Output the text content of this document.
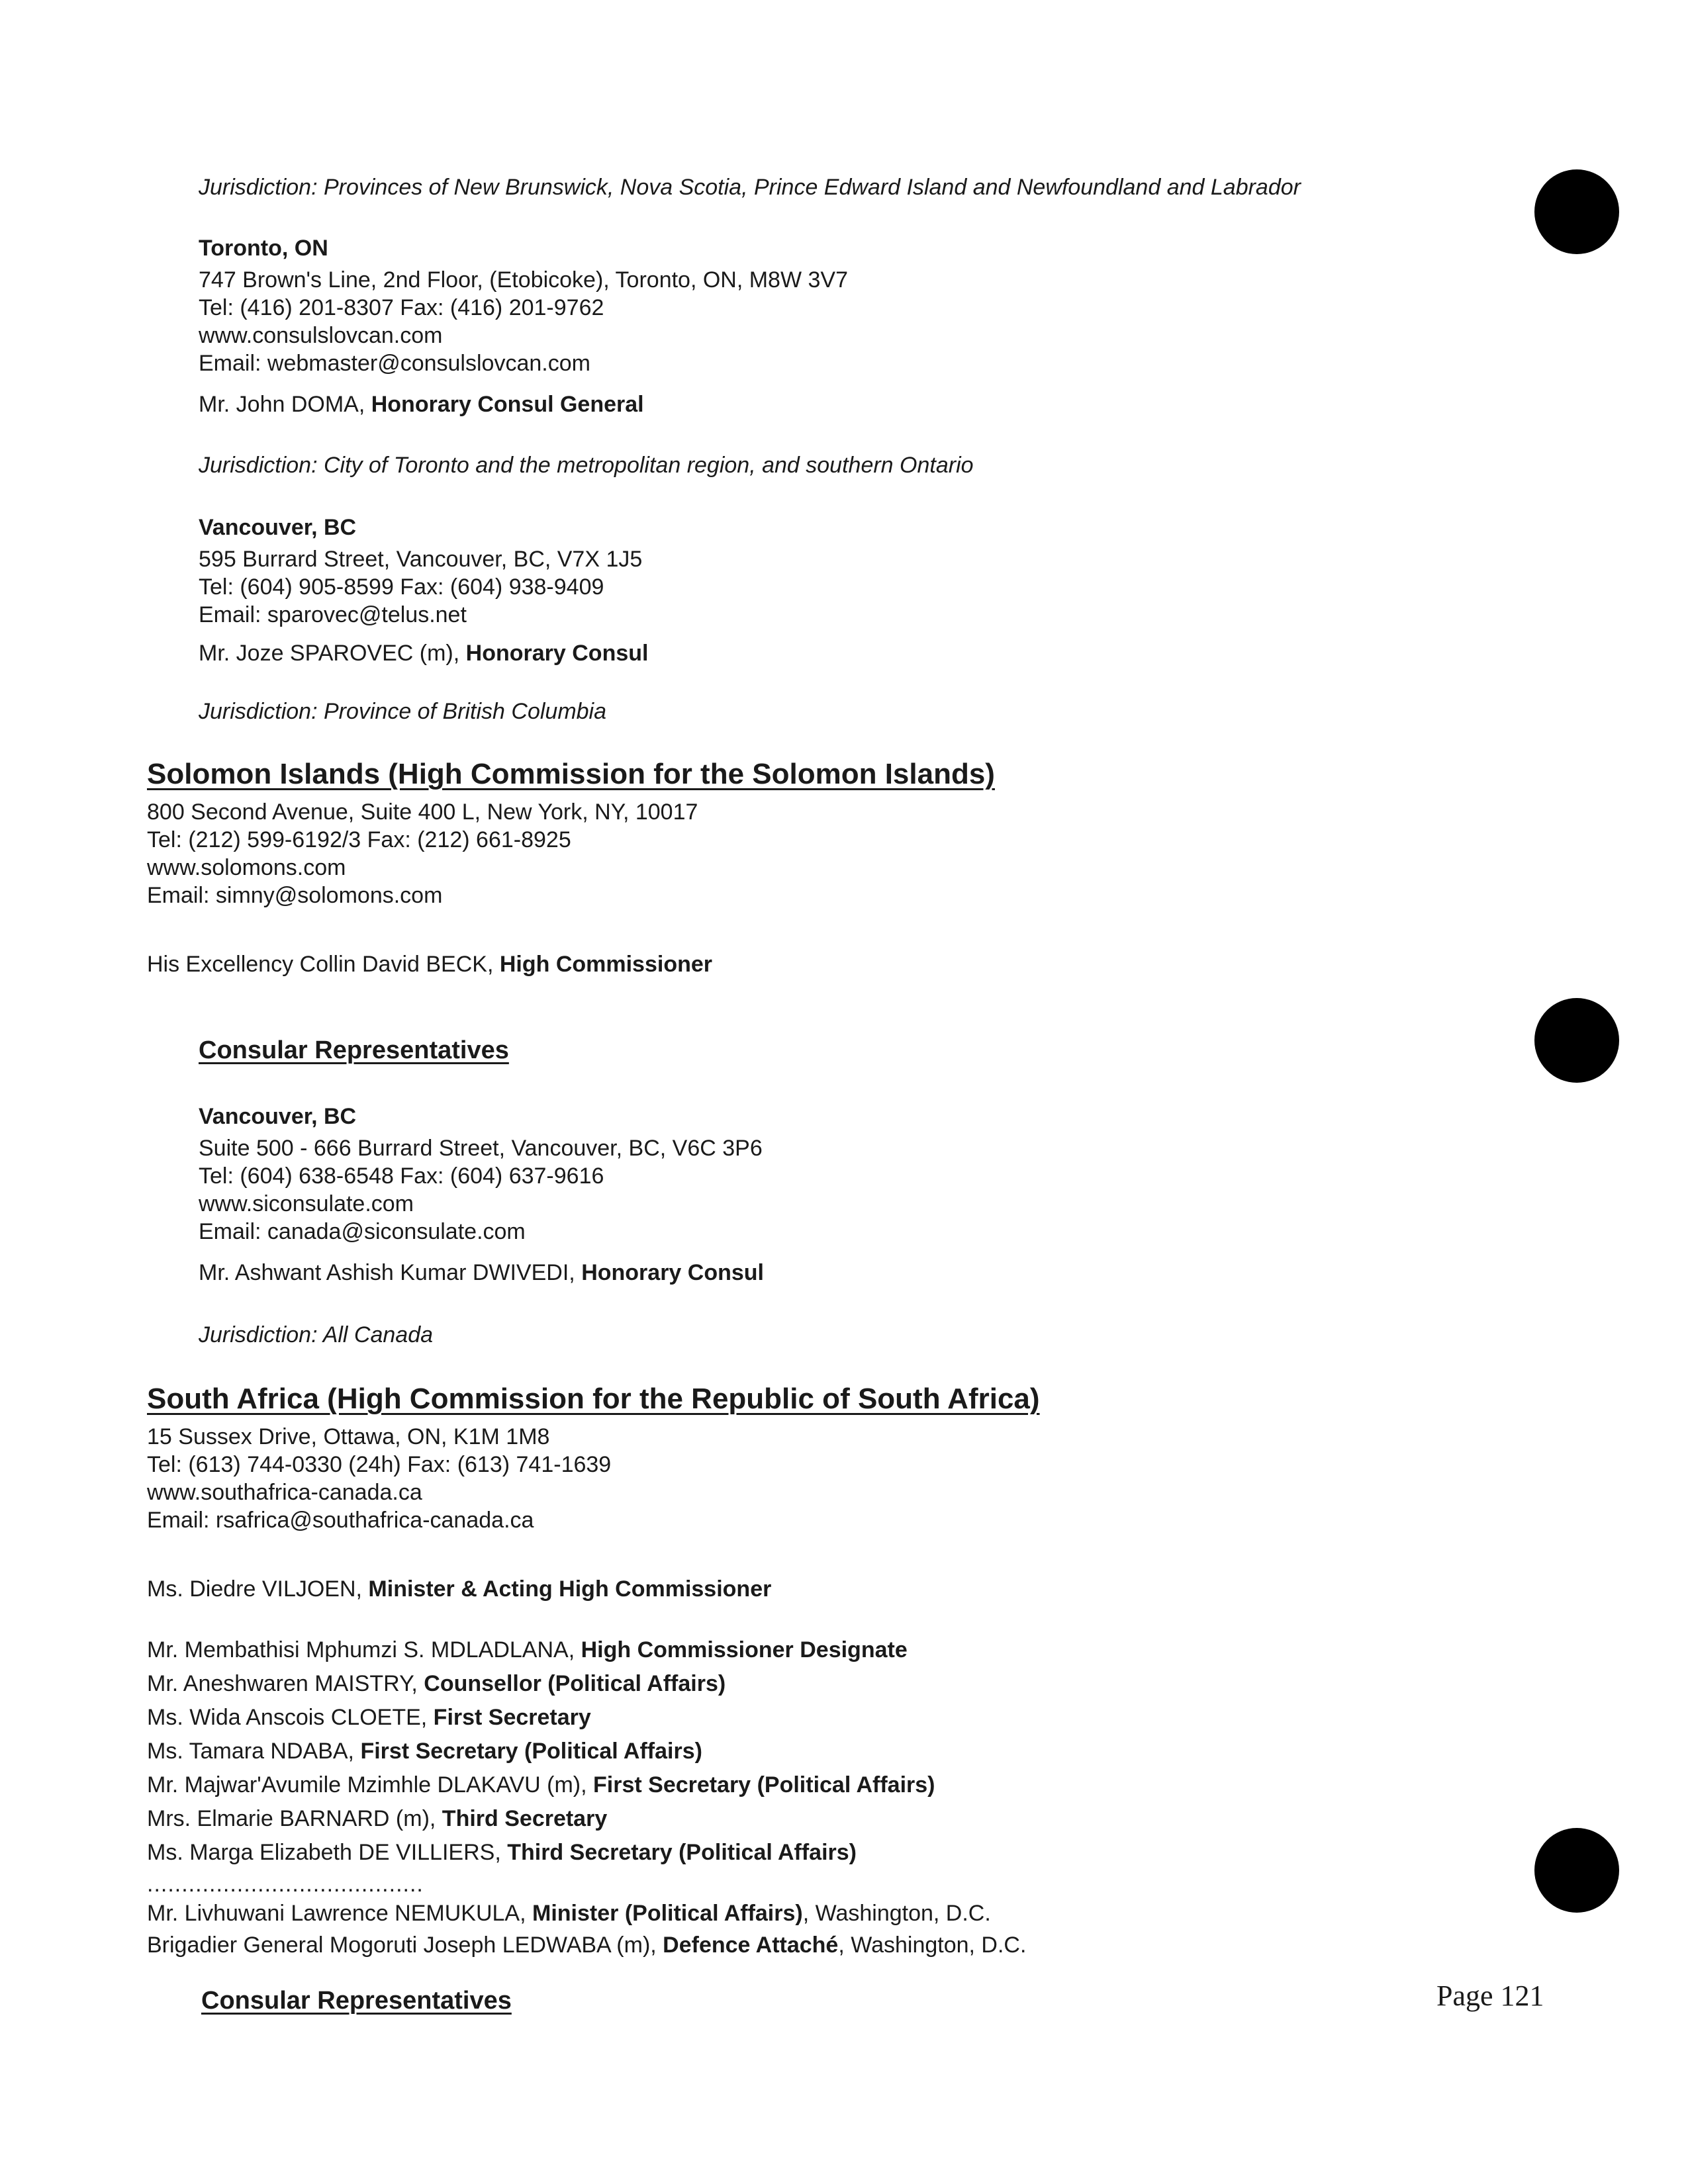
Jurisdiction: Provinces of New Brunswick, Nova Scotia, Prince Edward Island and Newfoundland and Labrador

Toronto, ON

747 Brown's Line, 2nd Floor, (Etobicoke), Toronto, ON, M8W 3V7

Tel: (416) 201-8307 Fax: (416) 201-9762

www.consulslovcan.com

Email: webmaster@consulslovcan.com

Mr. John DOMA, Honorary Consul General

Jurisdiction: City of Toronto and the metropolitan region, and southern Ontario

Vancouver, BC

595 Burrard Street, Vancouver, BC, V7X 1J5

Tel: (604) 905-8599 Fax: (604) 938-9409

Email: sparovec@telus.net

Mr. Joze SPAROVEC (m), Honorary Consul

Jurisdiction: Province of British Columbia

Solomon Islands (High Commission for the Solomon Islands)

800 Second Avenue, Suite 400 L, New York, NY, 10017

Tel: (212) 599-6192/3 Fax: (212) 661-8925

www.solomons.com

Email: simny@solomons.com

His Excellency Collin David BECK, High Commissioner

Consular Representatives

Vancouver, BC

Suite 500 - 666 Burrard Street, Vancouver, BC, V6C 3P6

Tel: (604) 638-6548 Fax: (604) 637-9616

www.siconsulate.com

Email: canada@siconsulate.com

Mr. Ashwant Ashish Kumar DWIVEDI, Honorary Consul

Jurisdiction: All Canada

South Africa (High Commission for the Republic of South Africa)

15 Sussex Drive, Ottawa, ON, K1M 1M8

Tel: (613) 744-0330 (24h) Fax: (613) 741-1639

www.southafrica-canada.ca

Email: rsafrica@southafrica-canada.ca

Ms. Diedre VILJOEN, Minister & Acting High Commissioner

Mr. Membathisi Mphumzi S. MDLADLANA, High Commissioner Designate

Mr. Aneshwaren MAISTRY, Counsellor (Political Affairs)

Ms. Wida Anscois CLOETE, First Secretary

Ms. Tamara NDABA, First Secretary (Political Affairs)

Mr. Majwar'Avumile Mzimhle DLAKAVU (m), First Secretary (Political Affairs)

Mrs. Elmarie BARNARD (m), Third Secretary

Ms. Marga Elizabeth DE VILLIERS, Third Secretary (Political Affairs)

........................................

Mr. Livhuwani Lawrence NEMUKULA, Minister (Political Affairs), Washington, D.C.

Brigadier General Mogoruti Joseph LEDWABA (m), Defence Attaché, Washington, D.C.

Consular Representatives	Page 121
